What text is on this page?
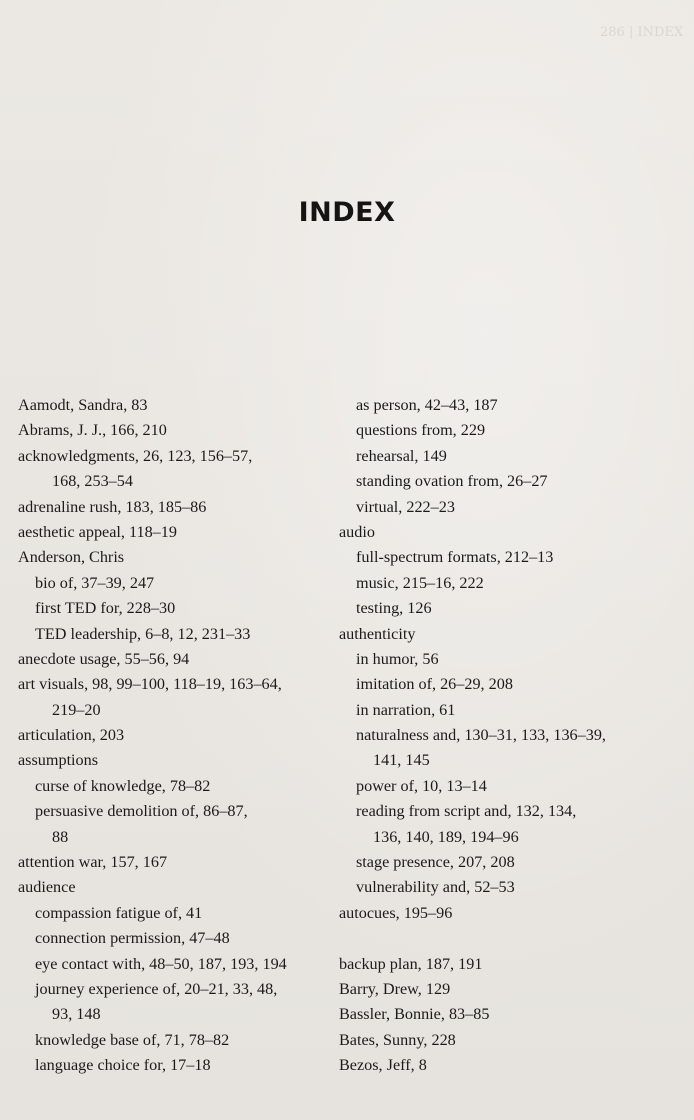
286 | INDEX
INDEX
Aamodt, Sandra, 83
Abrams, J. J., 166, 210
acknowledgments, 26, 123, 156–57,
168, 253–54
adrenaline rush, 183, 185–86
aesthetic appeal, 118–19
Anderson, Chris
bio of, 37–39, 247
first TED for, 228–30
TED leadership, 6–8, 12, 231–33
anecdote usage, 55–56, 94
art visuals, 98, 99–100, 118–19, 163–64,
219–20
articulation, 203
assumptions
curse of knowledge, 78–82
persuasive demolition of, 86–87,
88
attention war, 157, 167
audience
compassion fatigue of, 41
connection permission, 47–48
eye contact with, 48–50, 187, 193, 194
journey experience of, 20–21, 33, 48,
93, 148
knowledge base of, 71, 78–82
language choice for, 17–18
as person, 42–43, 187
questions from, 229
rehearsal, 149
standing ovation from, 26–27
virtual, 222–23
audio
full-spectrum formats, 212–13
music, 215–16, 222
testing, 126
authenticity
in humor, 56
imitation of, 26–29, 208
in narration, 61
naturalness and, 130–31, 133, 136–39,
141, 145
power of, 10, 13–14
reading from script and, 132, 134,
136, 140, 189, 194–96
stage presence, 207, 208
vulnerability and, 52–53
autocues, 195–96
backup plan, 187, 191
Barry, Drew, 129
Bassler, Bonnie, 83–85
Bates, Sunny, 228
Bezos, Jeff, 8
